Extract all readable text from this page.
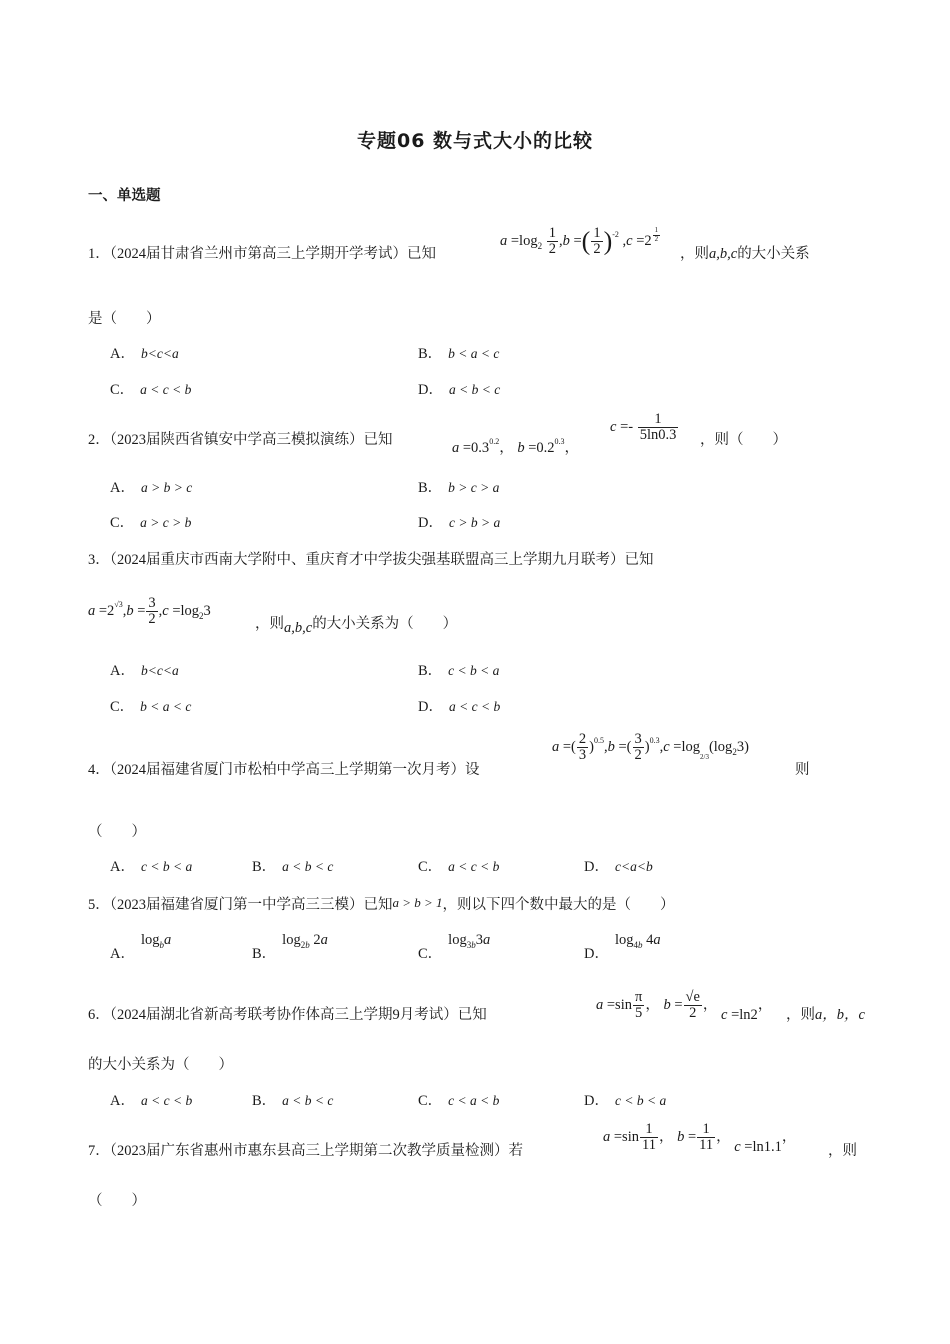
专题06 数与式大小的比较
一、单选题
1．（2024届甘肃省兰州市第高三上学期开学考试）已知
$a =\log_2 \frac{1}{2} ,b$ =( $\frac{1}{2} )^{-2}$ ,c =2 $^{\frac{1}{2}}$
，则a,b,c的大小关系
是（　　）
A． b<c<a	B． b < a < c
C． a < c < b	D． a < b < c
2．（2023届陕西省镇安中学高三模拟演练）已知	$a =0.3^{0.2}$， $b =0.2^{0.3}$，
$c =- \frac{1}{5\ln 0.3}$ ，则（　　）
A． a > b > c	B． b > c > a
C． a > c > b	D． c > b > a
3．（2024届重庆市西南大学附中、重庆育才中学拔尖强基联盟高三上学期九月联考）已知
$a =2^{√3},b = \frac{3}{2} ,c =\log_23$
，则a,b,c的大小关系为（　　）
A． b<c<a	B． c < b < a
C． b < a < c	D． a < c < b
4．（2024届福建省厦门市松柏中学高三上学期第一次月考）设
a =( $\frac{2}{3} )^{0.5},b$ =( $\frac{3}{2} )^{0.3},c =\log_{2/3}(\log_23)$
则
（　　）
A． c < b < a	B． a < b < c	C． a < c < b	D． c<a<b
5．（2023届福建省厦门第一中学高三三模）已知a > b > 1，则以下四个数中最大的是（　　）
A．$\log_ba$
B．$\log_{2b} 2a$
C．$\log_{3b}3a$
D．$\log_{4b} 4a$
6．（2024届湖北省新高考联考协作体高三上学期9月考试）已知
$a =\sin \frac{\pi}{5}$ ， $b = \frac{√e}{2}$ ， c =ln2，
，则a，b，c
的大小关系为（　　）
A． a < c < b	B． a < b < c	C． c < a < b	D． c < b < a
7．（2023届广东省惠州市惠东县高三上学期第二次教学质量检测）若
$a =\sin \frac{1}{11}$ ， $b = \frac{1}{11}$ ， c =ln1.1，
，则
（　　）
